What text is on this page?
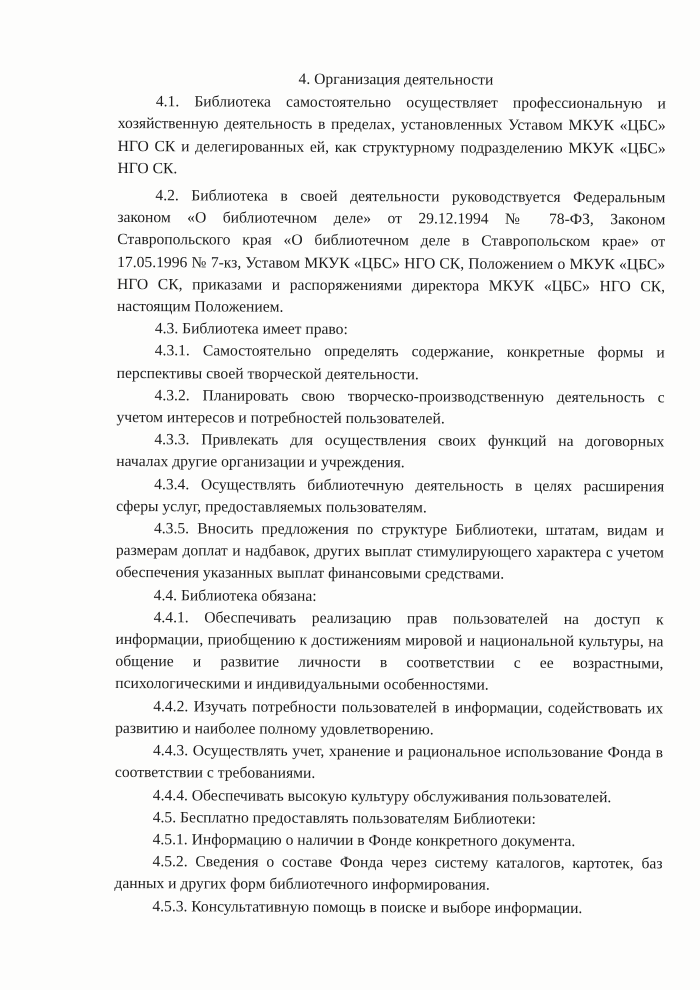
4. Организация деятельности

4.1. Библиотека самостоятельно осуществляет профессиональную и хозяйственную деятельность в пределах, установленных Уставом МКУК «ЦБС» НГО СК и делегированных ей, как структурному подразделению МКУК «ЦБС» НГО СК.

4.2. Библиотека в своей деятельности руководствуется Федеральным законом «О библиотечном деле» от 29.12.1994 № 78-ФЗ, Законом Ставропольского края «О библиотечном деле в Ставропольском крае» от 17.05.1996 № 7-кз, Уставом МКУК «ЦБС» НГО СК, Положением о МКУК «ЦБС» НГО СК, приказами и распоряжениями директора МКУК «ЦБС» НГО СК, настоящим Положением.

4.3. Библиотека имеет право:

4.3.1. Самостоятельно определять содержание, конкретные формы и перспективы своей творческой деятельности.

4.3.2. Планировать свою творческо-производственную деятельность с учетом интересов и потребностей пользователей.

4.3.3. Привлекать для осуществления своих функций на договорных началах другие организации и учреждения.

4.3.4. Осуществлять библиотечную деятельность в целях расширения сферы услуг, предоставляемых пользователям.

4.3.5. Вносить предложения по структуре Библиотеки, штатам, видам и размерам доплат и надбавок, других выплат стимулирующего характера с учетом обеспечения указанных выплат финансовыми средствами.

4.4. Библиотека обязана:

4.4.1. Обеспечивать реализацию прав пользователей на доступ к информации, приобщению к достижениям мировой и национальной культуры, на общение и развитие личности в соответствии с ее возрастными, психологическими и индивидуальными особенностями.

4.4.2. Изучать потребности пользователей в информации, содействовать их развитию и наиболее полному удовлетворению.

4.4.3. Осуществлять учет, хранение и рациональное использование Фонда в соответствии с требованиями.

4.4.4. Обеспечивать высокую культуру обслуживания пользователей.

4.5. Бесплатно предоставлять пользователям Библиотеки:

4.5.1. Информацию о наличии в Фонде конкретного документа.

4.5.2. Сведения о составе Фонда через систему каталогов, картотек, баз данных и других форм библиотечного информирования.

4.5.3. Консультативную помощь в поиске и выборе информации.
